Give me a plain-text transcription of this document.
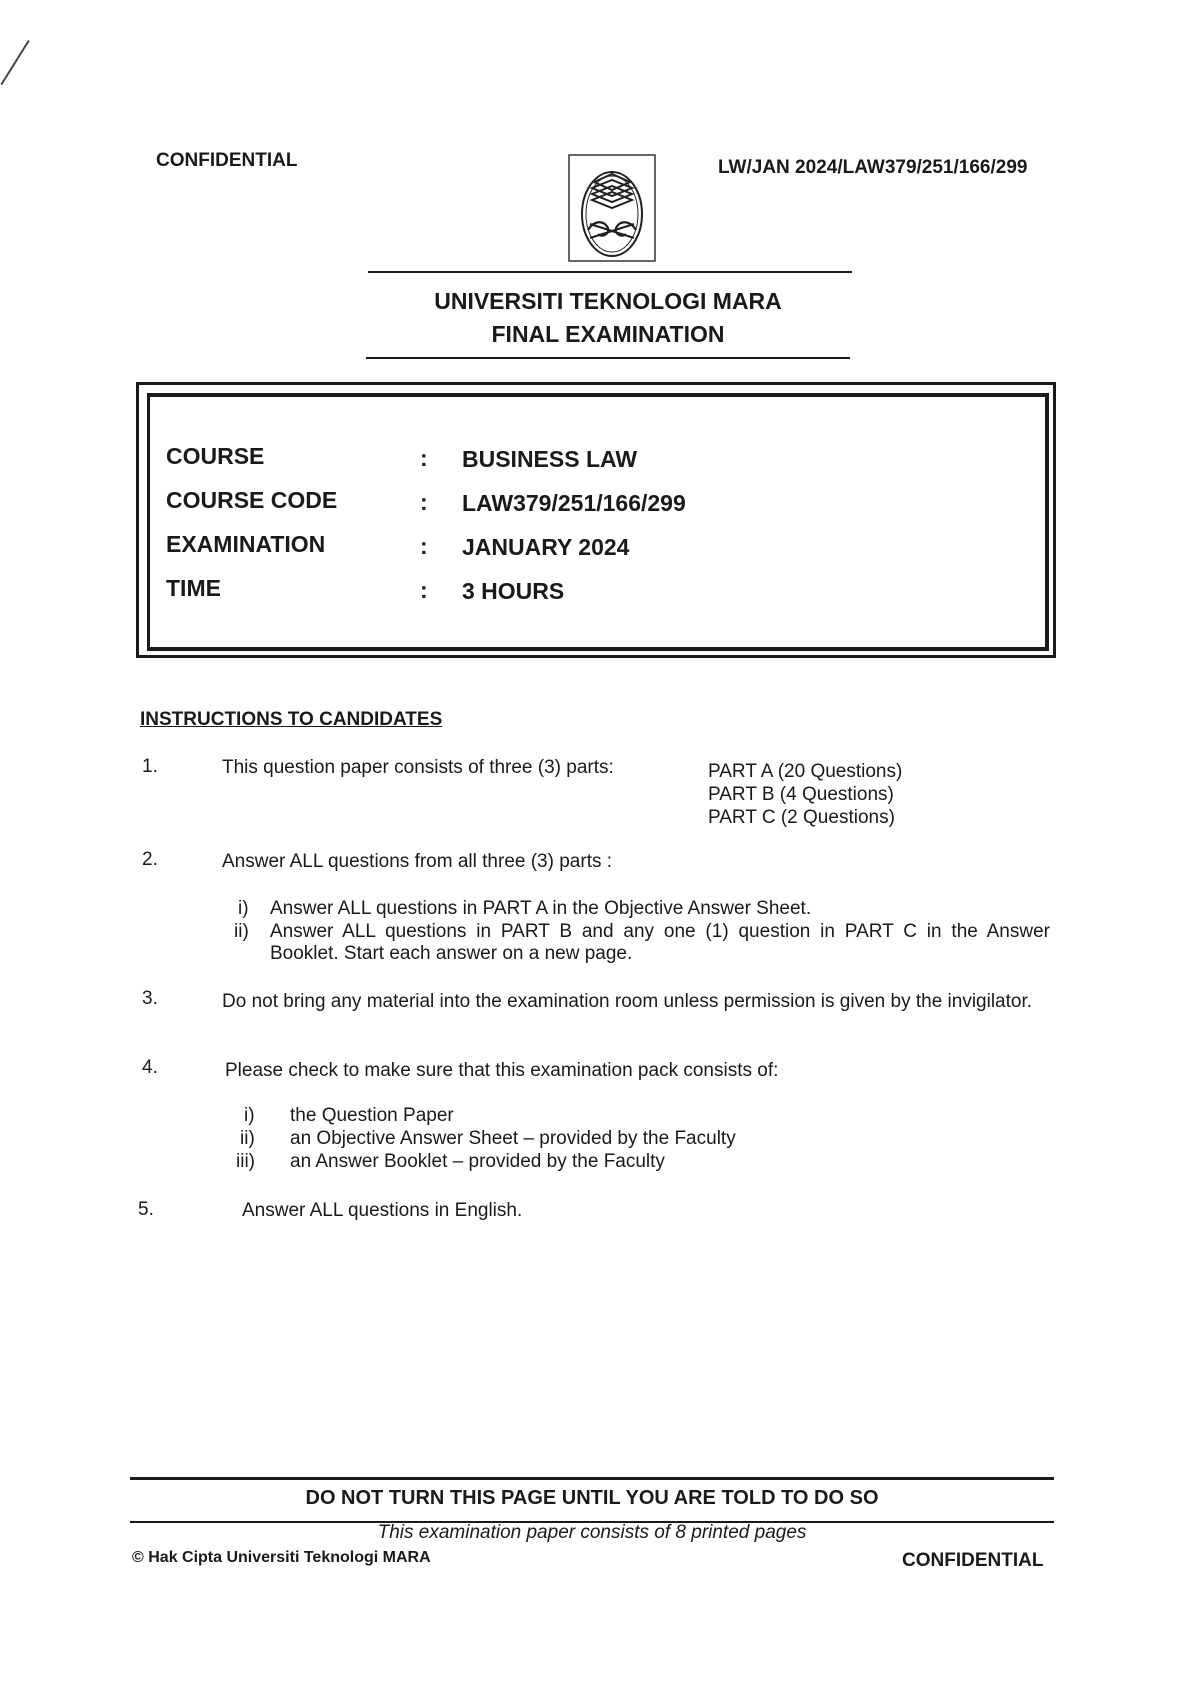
CONFIDENTIAL	LW/JAN 2024/LAW379/251/166/299
UNIVERSITI TEKNOLOGI MARA
FINAL EXAMINATION
COURSE	: BUSINESS LAW
COURSE CODE	: LAW379/251/166/299
EXAMINATION	: JANUARY 2024
TIME	: 3 HOURS
INSTRUCTIONS TO CANDIDATES
1.	This question paper consists of three (3) parts:	PART A (20 Questions)
PART B (4 Questions)
PART C (2 Questions)
2.	Answer ALL questions from all three (3) parts :
i) Answer ALL questions in PART A in the Objective Answer Sheet.
ii) Answer ALL questions in PART B and any one (1) question in PART C in the Answer Booklet. Start each answer on a new page.
3.	Do not bring any material into the examination room unless permission is given by the invigilator.
4.	Please check to make sure that this examination pack consists of:
i) the Question Paper
ii) an Objective Answer Sheet – provided by the Faculty
iii) an Answer Booklet – provided by the Faculty
5.	Answer ALL questions in English.
DO NOT TURN THIS PAGE UNTIL YOU ARE TOLD TO DO SO
This examination paper consists of 8 printed pages
© Hak Cipta Universiti Teknologi MARA	CONFIDENTIAL
